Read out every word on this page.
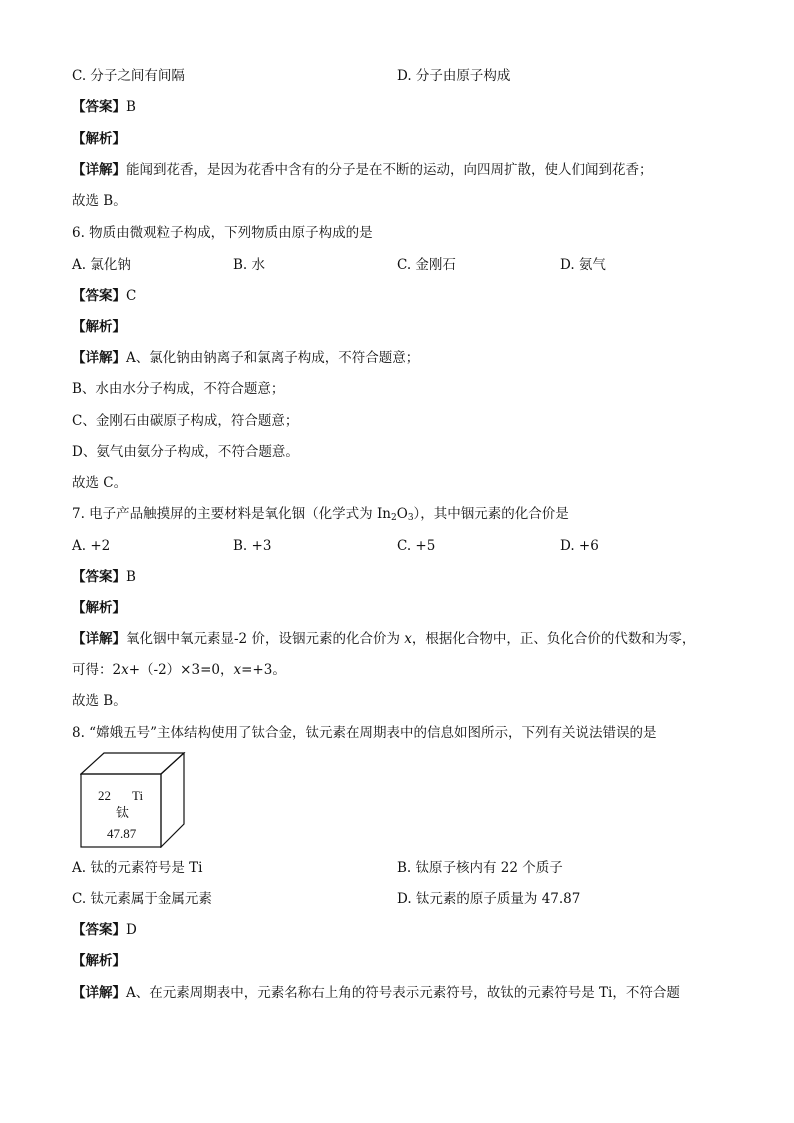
C. 分子之间有间隔	D. 分子由原子构成
【答案】B
【解析】
【详解】能闻到花香，是因为花香中含有的分子是在不断的运动，向四周扩散，使人们闻到花香；
故选 B。
6. 物质由微观粒子构成，下列物质由原子构成的是
A. 氯化钠	B. 水	C. 金刚石	D. 氨气
【答案】C
【解析】
【详解】A、氯化钠由钠离子和氯离子构成，不符合题意；
B、水由水分子构成，不符合题意；
C、金刚石由碳原子构成，符合题意；
D、氨气由氨分子构成，不符合题意。
故选 C。
7. 电子产品触摸屏的主要材料是氧化铟（化学式为 $In_2O_3$），其中铟元素的化合价是
A. +2	B. +3	C. +5	D. +6
【答案】B
【解析】
【详解】氧化铟中氧元素显-2 价，设铟元素的化合价为 x，根据化合物中，正、负化合价的代数和为零，
可得：2x+（-2）×3=0，x=+3。
故选 B。
8. “嫦娥五号”主体结构使用了钛合金，钛元素在周期表中的信息如图所示，下列有关说法错误的是
22 Ti
钛
47.87
A. 钛的元素符号是 Ti	B. 钛原子核内有 22 个质子
C. 钛元素属于金属元素	D. 钛元素的原子质量为 47.87
【答案】D
【解析】
【详解】A、在元素周期表中，元素名称右上角的符号表示元素符号，故钛的元素符号是 Ti，不符合题
